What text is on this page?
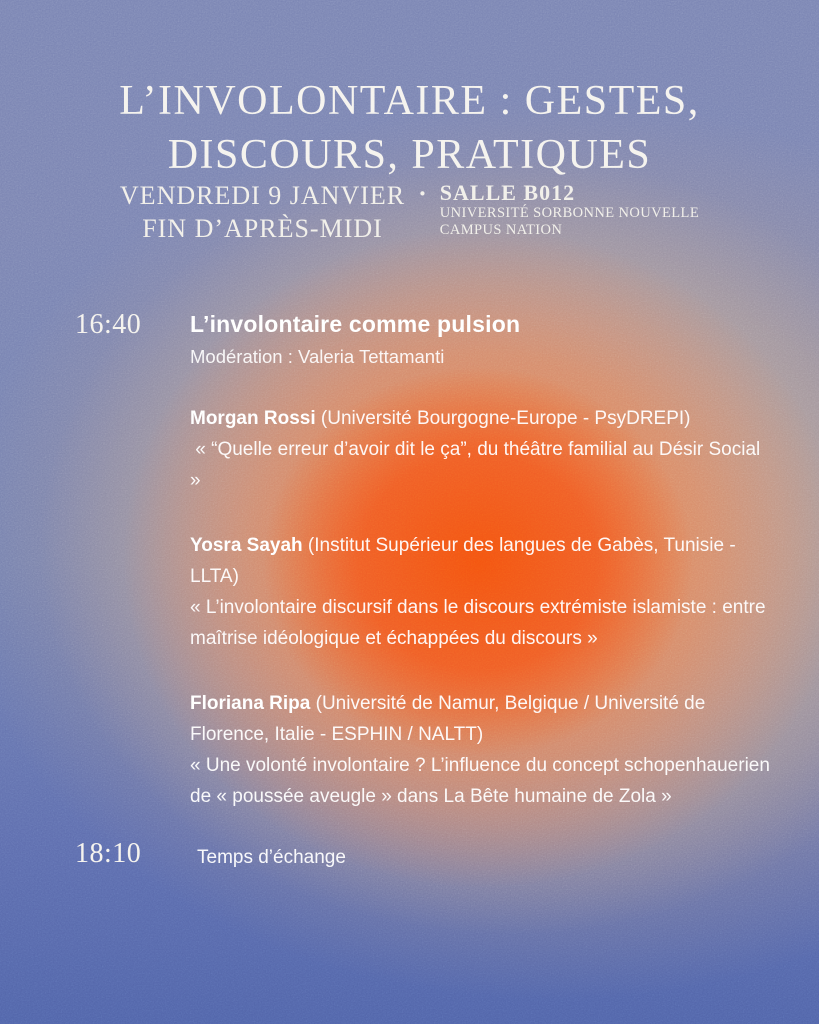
L’INVOLONTAIRE : GESTES,
DISCOURS, PRATIQUES
VENDREDI 9 JANVIER
FIN D’APRÈS-MIDI
· SALLE B012
UNIVERSITÉ SORBONNE NOUVELLE
CAMPUS NATION
16:40	L’involontaire comme pulsion
Modération : Valeria Tettamanti
Morgan Rossi (Université Bourgogne-Europe - PsyDREPI)
« “Quelle erreur d’avoir dit le ça”, du théâtre familial au Désir Social »
Yosra Sayah (Institut Supérieur des langues de Gabès, Tunisie - LLTA)
« L’involontaire discursif dans le discours extrémiste islamiste : entre maîtrise idéologique et échappées du discours »
Floriana Ripa (Université de Namur, Belgique / Université de Florence, Italie - ESPHIN / NALTT)
« Une volonté involontaire ? L’influence du concept schopenhauerien de « poussée aveugle » dans La Bête humaine de Zola »
18:10	Temps d’échange
